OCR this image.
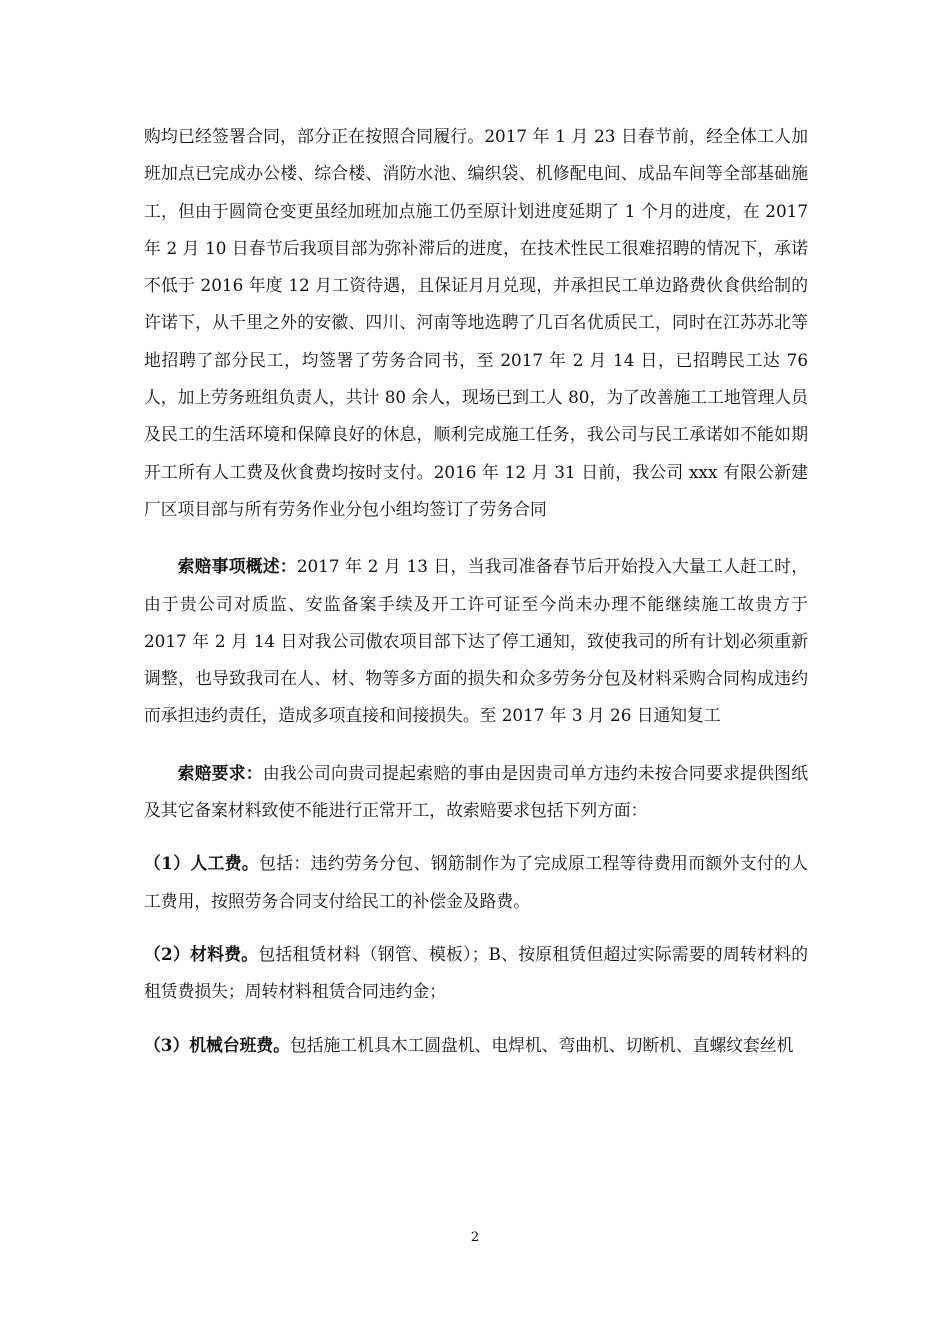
购均已经签署合同，部分正在按照合同履行。2017 年 1 月 23 日春节前，经全体工人加班加点已完成办公楼、综合楼、消防水池、编织袋、机修配电间、成品车间等全部基础施工，但由于圆筒仓变更虽经加班加点施工仍至原计划进度延期了 1 个月的进度，在 2017 年 2 月 10 日春节后我项目部为弥补滞后的进度，在技术性民工很难招聘的情况下，承诺不低于 2016 年度 12 月工资待遇，且保证月月兑现，并承担民工单边路费伙食供给制的许诺下，从千里之外的安徽、四川、河南等地选聘了几百名优质民工，同时在江苏苏北等地招聘了部分民工，均签署了劳务合同书，至 2017 年 2 月 14 日，已招聘民工达 76 人，加上劳务班组负责人，共计 80 余人，现场已到工人 80，为了改善施工工地管理人员及民工的生活环境和保障良好的休息，顺利完成施工任务，我公司与民工承诺如不能如期开工所有人工费及伙食费均按时支付。2016 年 12 月 31 日前，我公司 xxx 有限公新建厂区项目部与所有劳务作业分包小组均签订了劳务合同

索赔事项概述：2017 年 2 月 13 日，当我司准备春节后开始投入大量工人赶工时，由于贵公司对质监、安监备案手续及开工许可证至今尚未办理不能继续施工故贵方于 2017 年 2 月 14 日对我公司傲农项目部下达了停工通知，致使我司的所有计划必须重新调整，也导致我司在人、材、物等多方面的损失和众多劳务分包及材料采购合同构成违约而承担违约责任，造成多项直接和间接损失。至 2017 年 3 月 26 日通知复工

索赔要求：由我公司向贵司提起索赔的事由是因贵司单方违约未按合同要求提供图纸及其它备案材料致使不能进行正常开工，故索赔要求包括下列方面：

（1）人工费。包括：违约劳务分包、钢筋制作为了完成原工程等待费用而额外支付的人工费用，按照劳务合同支付给民工的补偿金及路费。

（2）材料费。包括租赁材料（钢管、模板）；B、按原租赁但超过实际需要的周转材料的租赁费损失；周转材料租赁合同违约金；

（3）机械台班费。包括施工机具木工圆盘机、电焊机、弯曲机、切断机、直螺纹套丝机

2
